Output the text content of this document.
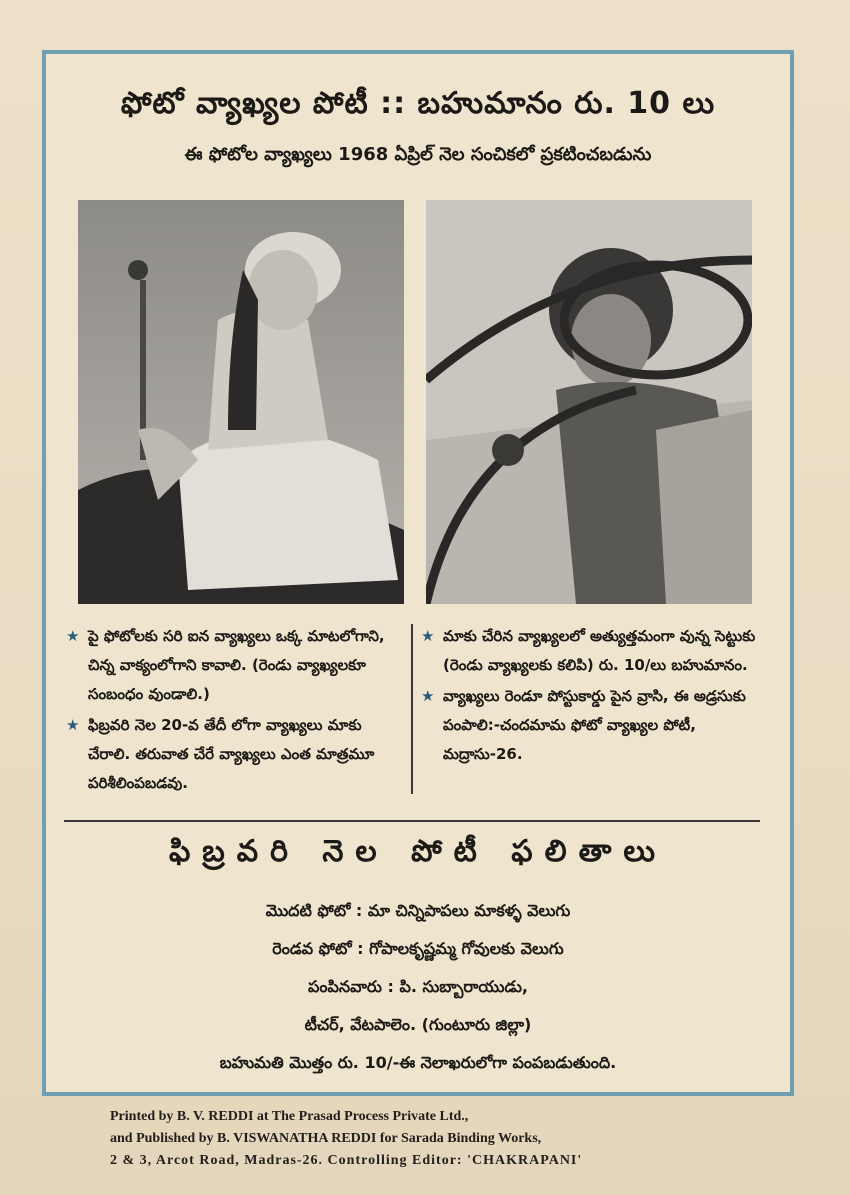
ఫోటో వ్యాఖ్యల పోటీ :: బహుమానం రు. 10 లు
ఈ ఫోటోల వ్యాఖ్యలు 1968 ఏప్రిల్ నెల సంచికలో ప్రకటించబడును

★ పై ఫోటోలకు సరి ఐన వ్యాఖ్యలు ఒక్క మాటలోగాని, చిన్న వాక్యంలోగాని కావాలి. (రెండు వ్యాఖ్యలకూ సంబంధం వుండాలి.)

★ ఫిబ్రవరి నెల 20-వ తేదీ లోగా వ్యాఖ్యలు మాకు చేరాలి. తరువాత చేరే వ్యాఖ్యలు ఎంత మాత్రమూ పరిశీలింపబడవు.

★ మాకు చేరిన వ్యాఖ్యలలో అత్యుత్తమంగా వున్న సెట్టుకు (రెండు వ్యాఖ్యలకు కలిపి) రు. 10/లు బహుమానం.

★ వ్యాఖ్యలు రెండూ పోస్టుకార్డు పైన వ్రాసి, ఈ అడ్రసుకు పంపాలి:-చందమామ ఫోటో వ్యాఖ్యల పోటీ, మద్రాసు-26.

ఫిబ్రవరి నెల పోటీ ఫలితాలు
మొదటి ఫోటో : మా చిన్నిపాపలు మాకళ్ళ వెలుగు
రెండవ ఫోటో : గోపాలకృష్ణమ్మ గోవులకు వెలుగు
పంపినవారు : పి. సుబ్బారాయుడు,
టీచర్, వేటపాలెం. (గుంటూరు జిల్లా)
బహుమతి మొత్తం రు. 10/-ఈ నెలాఖరులోగా పంపబడుతుంది.
Printed by B. V. REDDI at The Prasad Process Private Ltd.,
and Published by B. VISWANATHA REDDI for Sarada Binding Works,
2 & 3, Arcot Road, Madras-26. Controlling Editor: 'CHAKRAPANI'
